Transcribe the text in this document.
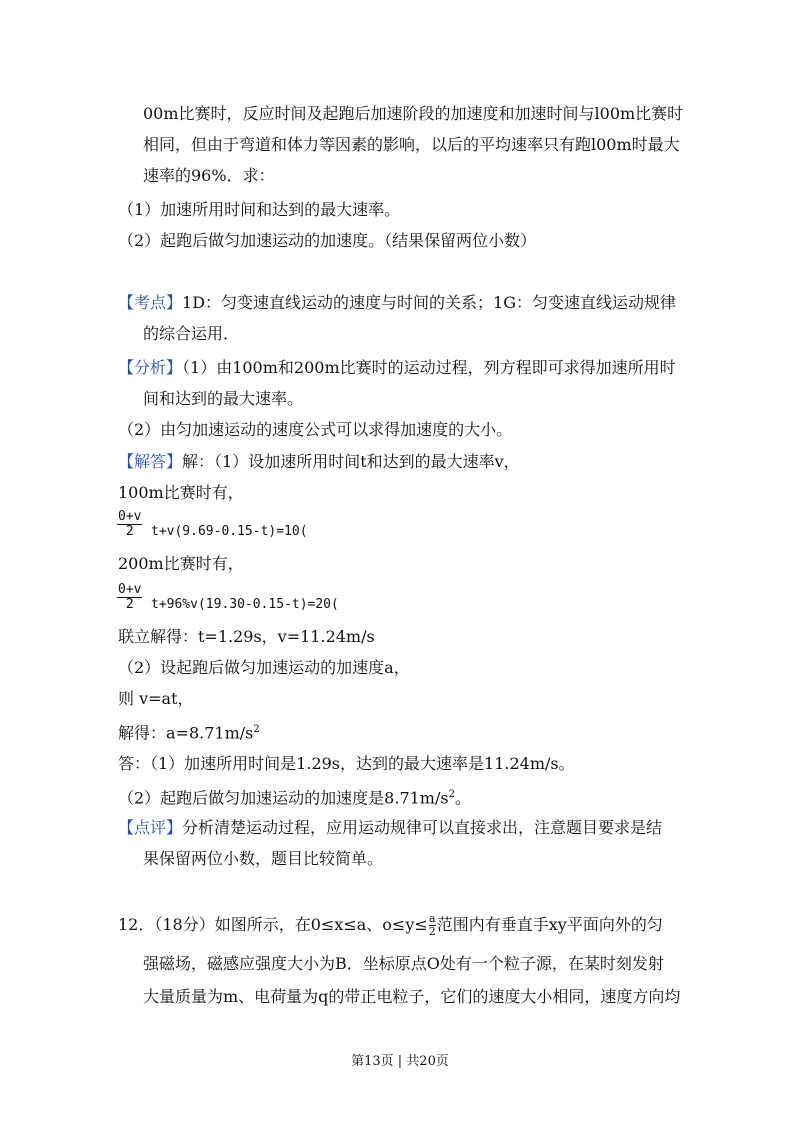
00m比赛时，反应时间及起跑后加速阶段的加速度和加速时间与l00m比赛时
相同，但由于弯道和体力等因素的影响，以后的平均速率只有跑l00m时最大
速率的96%．求：
（1）加速所用时间和达到的最大速率。
（2）起跑后做匀加速运动的加速度。（结果保留两位小数）
【考点】1D：匀变速直线运动的速度与时间的关系；1G：匀变速直线运动规律
的综合运用．
【分析】（1）由100m和200m比赛时的运动过程，列方程即可求得加速所用时
间和达到的最大速率。
（2）由匀加速运动的速度公式可以求得加速度的大小。
【解答】解：（1）设加速所用时间t和达到的最大速率v，
100m比赛时有，
$\frac{0+v}{2} t+v(9.69-0.15-t)=10$(
200m比赛时有，
$\frac{0+v}{2} t+96\%v(19.30-0.15-t)=20$(
联立解得：t=1.29s，v=11.24m/s
（2）设起跑后做匀加速运动的加速度a，
则 v=at，
解得：$a=8.71m/s^2$
答：（1）加速所用时间是1.29s，达到的最大速率是11.24m/s。
（2）起跑后做匀加速运动的加速度是$8.71m/s^2$。
【点评】分析清楚运动过程，应用运动规律可以直接求出，注意题目要求是结
果保留两位小数，题目比较简单。
12．（18分）如图所示，在0≤x≤a、$o\le y\le \frac{a}{2}$ 范围内有垂直手xy平面向外的匀
强磁场，磁感应强度大小为B．坐标原点O处有一个粒子源，在某时刻发射
大量质量为m、电荷量为q的带正电粒子，它们的速度大小相同，速度方向均
第13页 | 共20页
